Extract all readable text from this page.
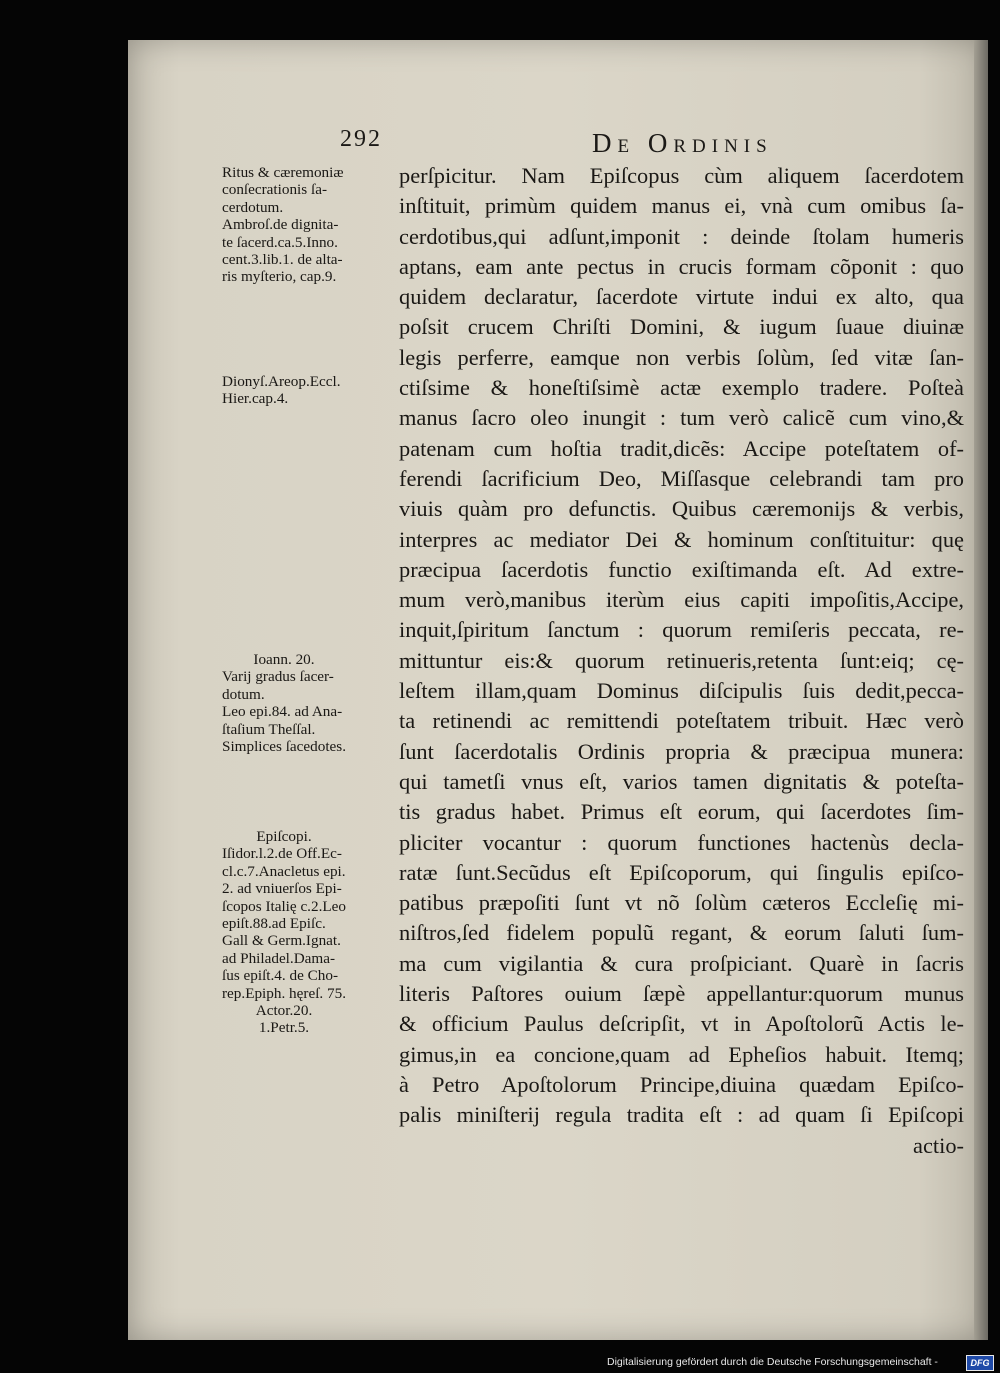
292	De Ordinis
perſpicitur. Nam Epiſcopus cùm aliquem ſacerdotem
inſtituit, primùm quidem manus ei, vnà cum omibus ſa-
cerdotibus,qui adſunt,imponit : deinde ſtolam humeris
aptans, eam ante pectus in crucis formam cõponit : quo
quidem declaratur, ſacerdote virtute indui ex alto, qua
poſsit crucem Chriſti Domini, & iugum ſuaue diuinæ
legis perferre, eamque non verbis ſolùm, ſed vitæ ſan-
ctiſsime & honeſtiſsimè actæ exemplo tradere. Poſteà
manus ſacro oleo inungit : tum verò calicẽ cum vino,&
patenam cum hoſtia tradit,dicẽs: Accipe poteſtatem of-
ferendi ſacrificium Deo, Miſſasque celebrandi tam pro
viuis quàm pro defunctis. Quibus cæremonijs & verbis,
interpres ac mediator Dei & hominum conſtituitur: quę
præcipua ſacerdotis functio exiſtimanda eſt. Ad extre-
mum verò,manibus iterùm eius capiti impoſitis,Accipe,
inquit,ſpiritum ſanctum : quorum remiſeris peccata, re-
mittuntur eis:& quorum retinueris,retenta ſunt:eiq; cę-
leſtem illam,quam Dominus diſcipulis ſuis dedit,pecca-
ta retinendi ac remittendi poteſtatem tribuit. Hæc verò
ſunt ſacerdotalis Ordinis propria & præcipua munera:
qui tametſi vnus eſt, varios tamen dignitatis & poteſta-
tis gradus habet. Primus eſt eorum, qui ſacerdotes ſim-
pliciter vocantur : quorum functiones hactenùs decla-
ratæ ſunt.Secũdus eſt Epiſcoporum, qui ſingulis epiſco-
patibus præpoſiti ſunt vt nõ ſolùm cæteros Eccleſię mi-
niſtros,ſed fidelem populũ regant, & eorum ſaluti ſum-
ma cum vigilantia & cura proſpiciant. Quarè in ſacris
literis Paſtores ouium ſæpè appellantur:quorum munus
& officium Paulus deſcripſit, vt in Apoſtolorũ Actis le-
gimus,in ea concione,quam ad Epheſios habuit. Itemq;
à Petro Apoſtolorum Principe,diuina quædam Epiſco-
palis miniſterij regula tradita eſt : ad quam ſi Epiſcopi
actio-
Ritus & cæremoniæ
conſecrationis ſa-
cerdotum.
Ambroſ.de dignita-
te ſacerd.ca.5.Inno.
cent.3.lib.1. de alta-
ris myſterio, cap.9.
Dionyſ.Areop.Eccl.
Hier.cap.4.
Ioann. 20.
Varij gradus ſacer-
dotum.
Leo epi.84. ad Ana-
ſtaſium Theſſal.
Simplices ſacedotes.
Epiſcopi.
Iſidor.l.2.de Off.Ec-
cl.c.7.Anacletus epi.
2. ad vniuerſos Epi-
ſcopos Italię c.2.Leo
epiſt.88.ad Epiſc.
Gall & Germ.Ignat.
ad Philadel.Dama-
ſus epiſt.4. de Cho-
rep.Epiph. hęreſ. 75.
Actor.20.
1.Petr.5.
Digitalisierung gefördert durch die Deutsche Forschungsgemeinschaft -	DFG
